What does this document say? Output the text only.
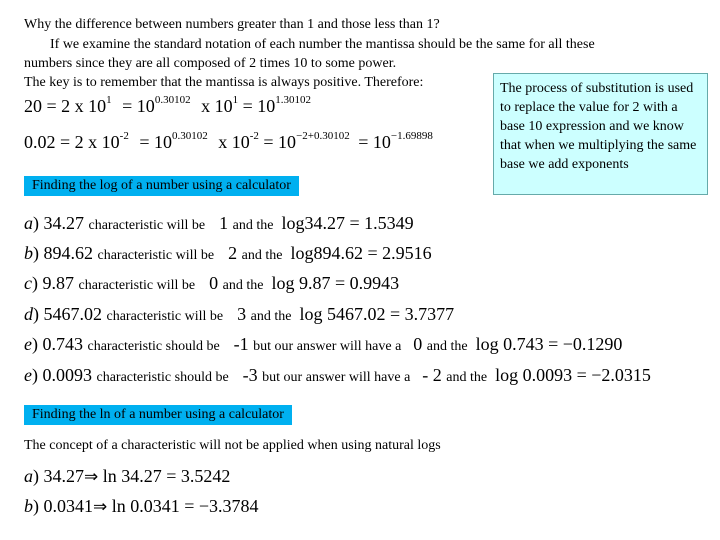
Why the difference between numbers greater than 1 and those less than 1?
If we examine the standard notation of each number the mantissa should be the same for all these
numbers since they are all composed of 2 times 10 to some power.
The key is to remember that the mantissa is always positive. Therefore:
20 = 2 x $10^1 = 10^{0.30102}$ x $10^1 = 10^{1.30102}$
0.02 = 2 x $10^{-2} = 10^{0.30102}$ x $10^{-2} = 10^{-2+0.30102} = 10^{-1.69898}$
The process of substitution is used to replace the value for 2 with a base 10 expression and we know that when we multiplying the same base we add exponents
Finding the log of a number using a calculator
a) 34.27 characteristic will be 1 and the log34.27 = 1.5349
b) 894.62 characteristic will be 2 and the log894.62 = 2.9516
c) 9.87 characteristic will be 0 and the log 9.87 = 0.9943
d) 5467.02 characteristic will be 3 and the log 5467.02 = 3.7377
e) 0.743 characteristic should be -1 but our answer will have a 0 and the log 0.743 = −0.1290
e) 0.0093 characteristic should be -3 but our answer will have a - 2 and the log 0.0093 = −2.0315
Finding the ln of a number using a calculator
The concept of a characteristic will not be applied when using natural logs
a) 34.27⇒ ln 34.27 = 3.5242
b) 0.0341⇒ ln 0.0341 = −3.3784
